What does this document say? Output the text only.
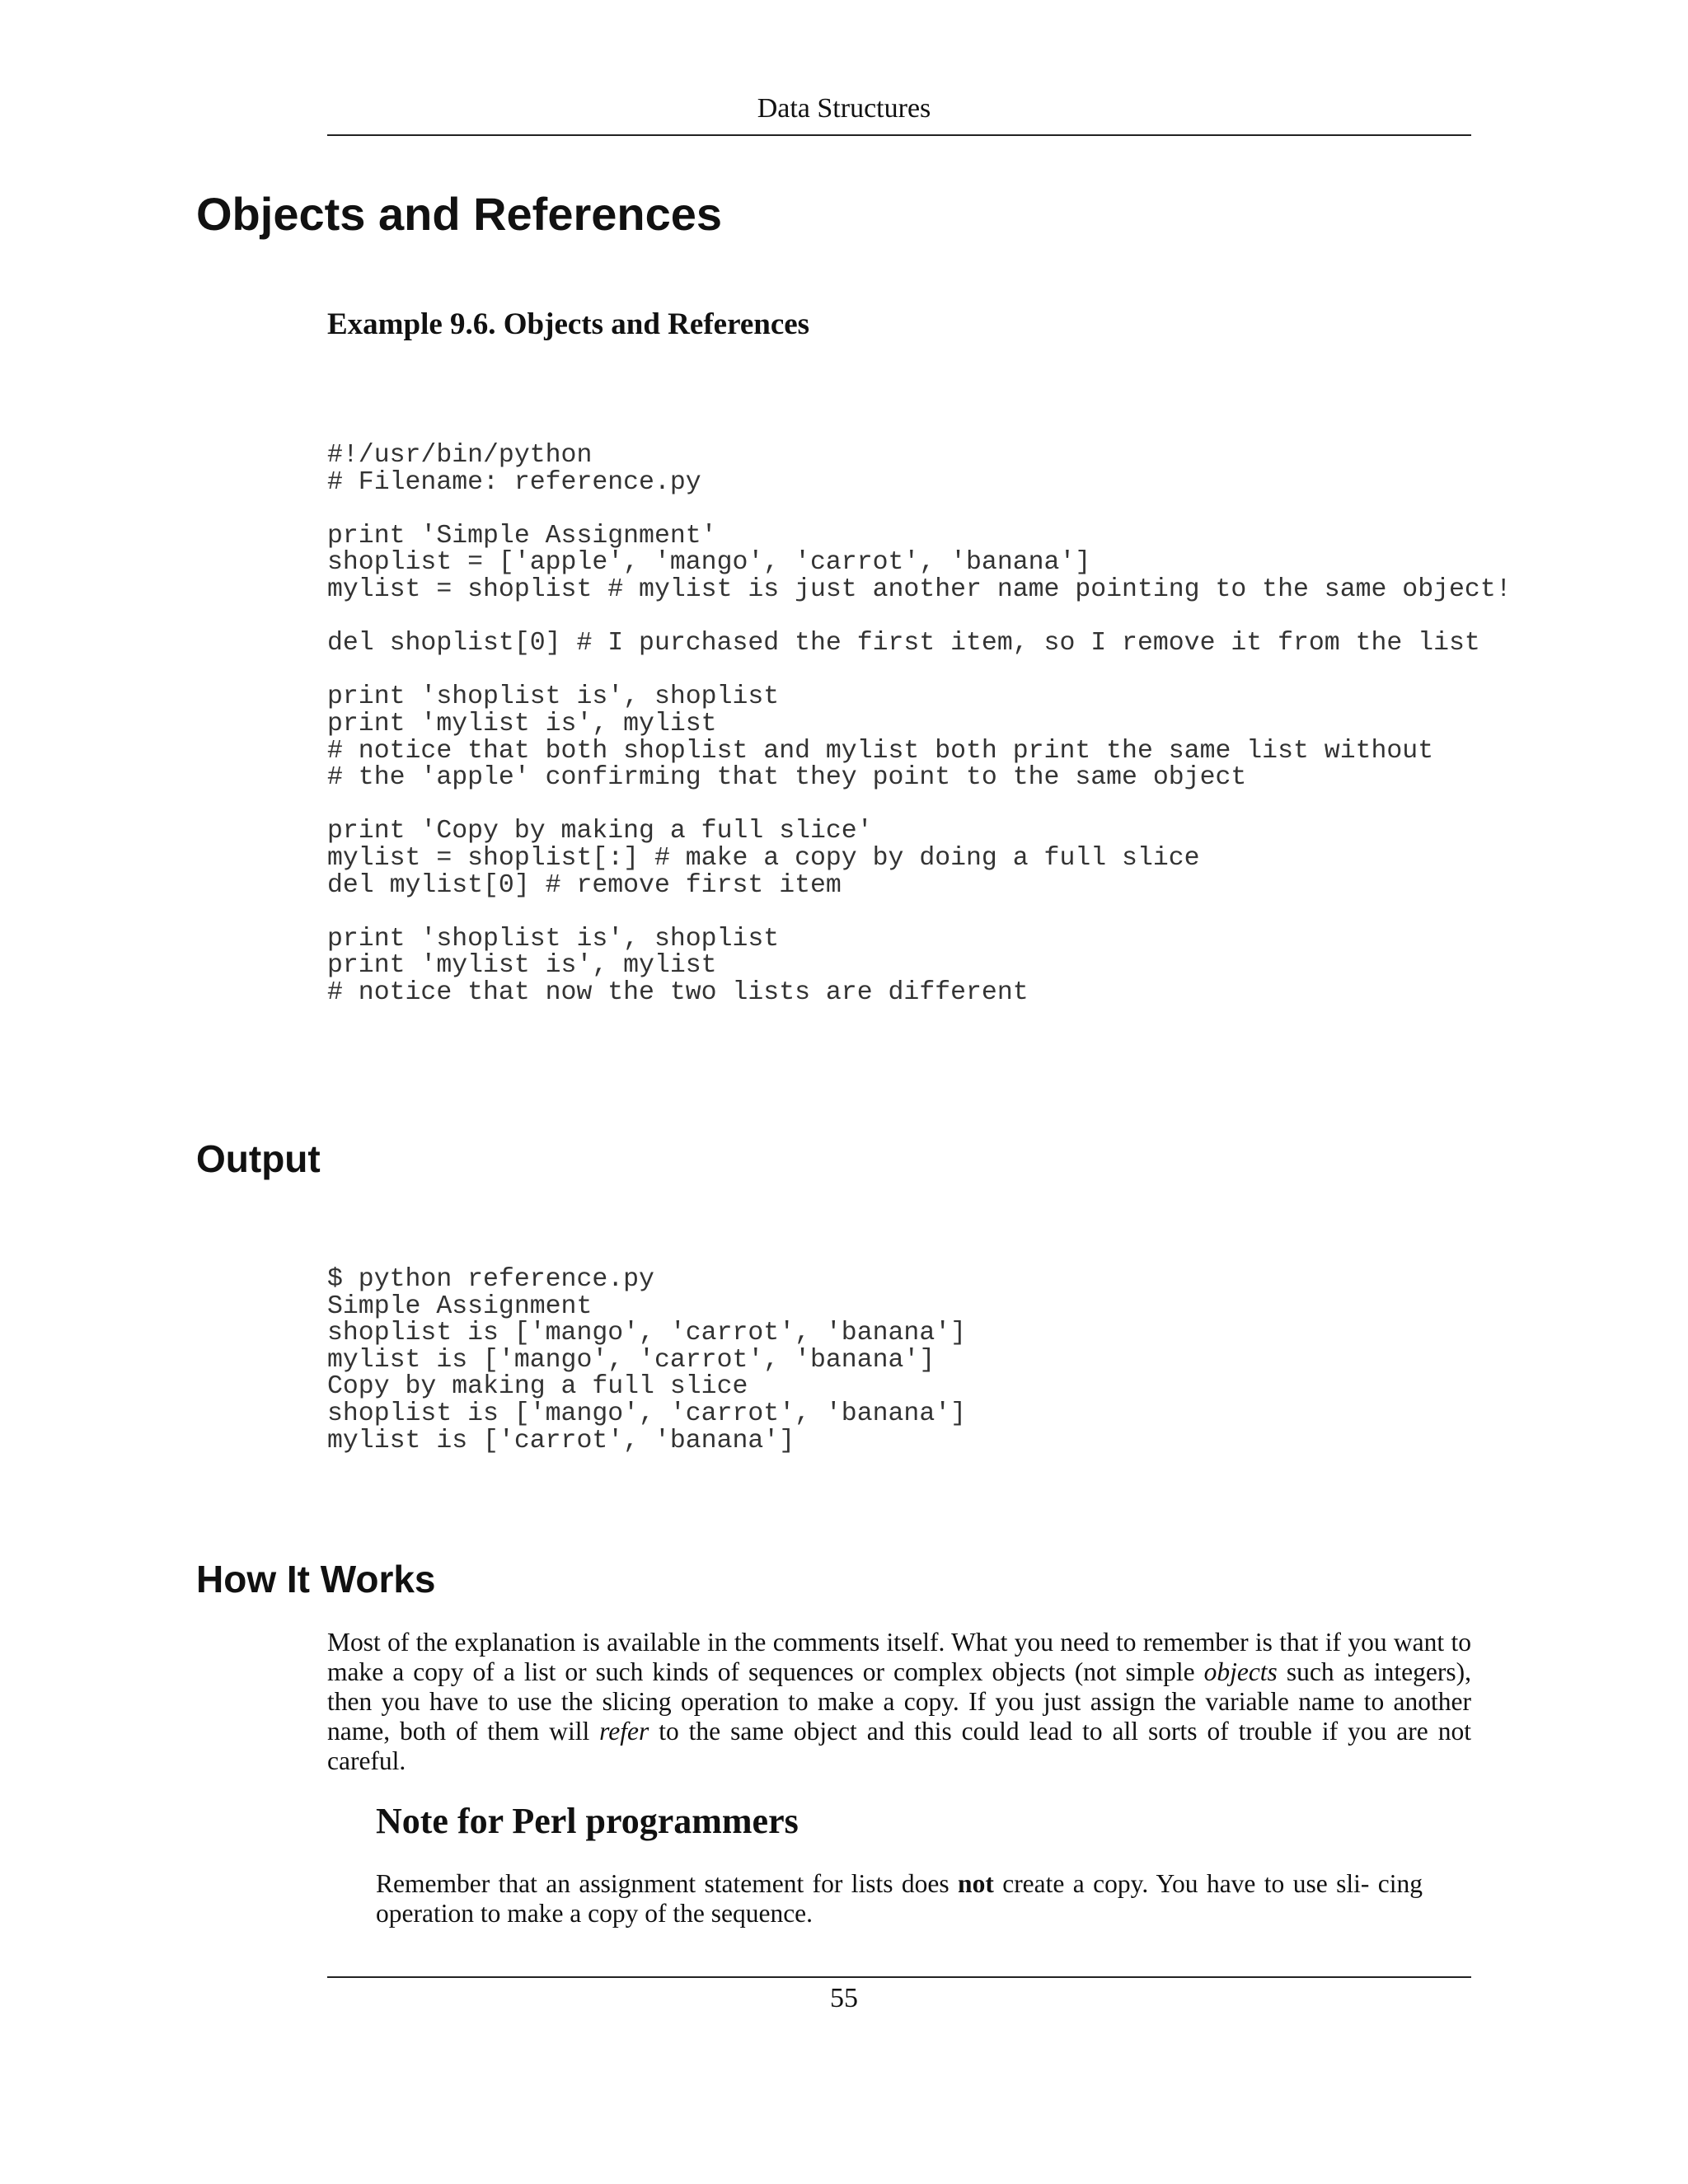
Data Structures
Objects and References
Example 9.6. Objects and References
#!/usr/bin/python
# Filename: reference.py
print 'Simple Assignment'
shoplist = ['apple', 'mango', 'carrot', 'banana']
mylist = shoplist # mylist is just another name pointing to the same object!
del shoplist[0] # I purchased the first item, so I remove it from the list
print 'shoplist is', shoplist
print 'mylist is', mylist
# notice that both shoplist and mylist both print the same list without
# the 'apple' confirming that they point to the same object
print 'Copy by making a full slice'
mylist = shoplist[:] # make a copy by doing a full slice
del mylist[0] # remove first item
print 'shoplist is', shoplist
print 'mylist is', mylist
# notice that now the two lists are different
Output
$ python reference.py
Simple Assignment
shoplist is ['mango', 'carrot', 'banana']
mylist is ['mango', 'carrot', 'banana']
Copy by making a full slice
shoplist is ['mango', 'carrot', 'banana']
mylist is ['carrot', 'banana']
How It Works

Most of the explanation is available in the comments itself. What you need to remember is that if you want to make a copy of a list or such kinds of sequences or complex objects (not simple objects such as integers), then you have to use the slicing operation to make a copy. If you just assign the variable name to another name, both of them will refer to the same object and this could lead to all sorts of trouble if you are not careful.

Note for Perl programmers

Remember that an assignment statement for lists does not create a copy. You have to use sli- cing operation to make a copy of the sequence.

55
